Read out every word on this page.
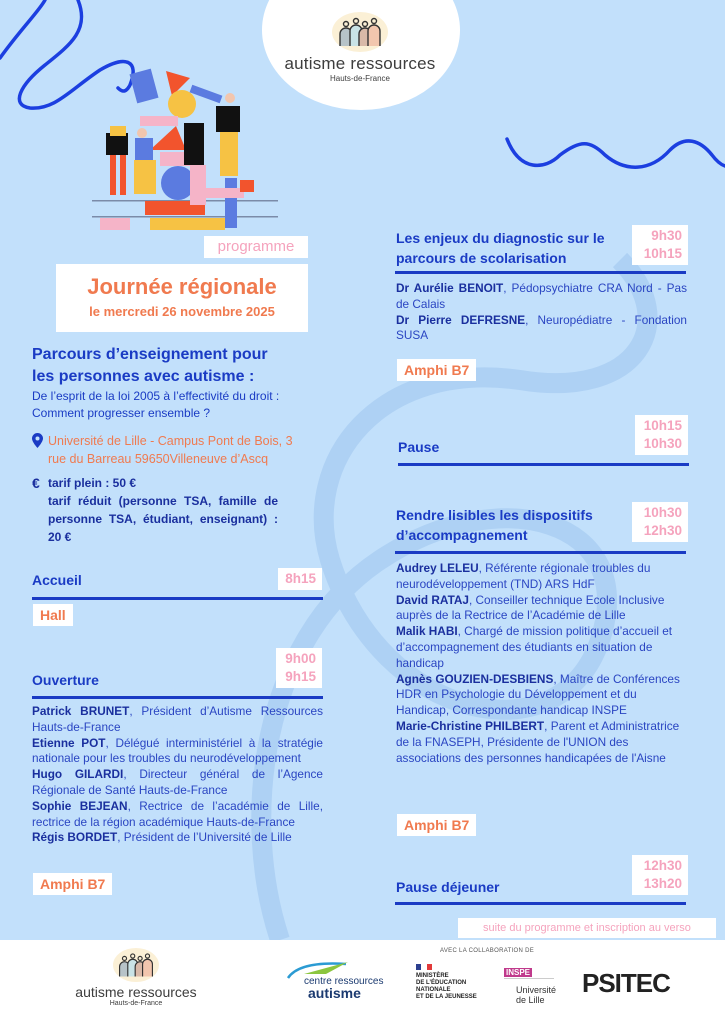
autisme ressources
Hauts-de-France
programme
Journée régionale
le mercredi 26 novembre 2025
Parcours d’enseignement pour
les personnes avec autisme :
De l’esprit de la loi 2005 à l’effectivité du droit :
Comment progresser ensemble ?
Université de Lille - Campus Pont de Bois, 3
rue du Barreau 59650Villeneuve d’Ascq
€ tarif plein : 50 €
tarif réduit (personne TSA, famille de personne TSA, étudiant, enseignant) : 20 €
Accueil	8h15
Hall
9h00
9h15
Ouverture

Patrick BRUNET, Président d’Autisme Ressources Hauts-de-France

Etienne POT, Délégué interministériel à la stratégie nationale pour les troubles du neurodéveloppement

Hugo GILARDI, Directeur général de l’Agence Régionale de Santé Hauts-de-France

Sophie BEJEAN, Rectrice de l’académie de Lille, rectrice de la région académique Hauts-de-France

Régis BORDET, Président de l’Université de Lille

Amphi B7
Les enjeux du diagnostic sur le
parcours de scolarisation
9h30
10h15

Dr Aurélie BENOIT, Pédopsychiatre CRA Nord - Pas de Calais

Dr Pierre DEFRESNE, Neuropédiatre - Fondation SUSA

Amphi B7
10h15
10h30
Pause
Rendre lisibles les dispositifs
d’accompagnement
10h30
12h30

Audrey LELEU, Référente régionale troubles du neurodéveloppement (TND) ARS HdF

David RATAJ, Conseiller technique Ecole Inclusive auprès de la Rectrice de l’Académie de Lille

Malik HABI, Chargé de mission politique d’accueil et d’accompagnement des étudiants en situation de handicap

Agnès GOUZIEN-DESBIENS, Maître de Conférences HDR en Psychologie du Développement et du Handicap, Correspondante handicap INSPE

Marie-Christine PHILBERT, Parent et Administratrice de la FNASEPH, Présidente de l'UNION des associations des personnes handicapées de l'Aisne

Amphi B7
12h30
13h20
Pause déjeuner
suite du programme et inscription au verso
autisme ressources
Hauts-de-France
centre ressources
autisme
AVEC LA COLLABORATION DE
MINISTÈRE
DE L’ÉDUCATION
NATIONALE
ET DE LA JEUNESSE
INSPE
Université
de Lille
PSITEC
